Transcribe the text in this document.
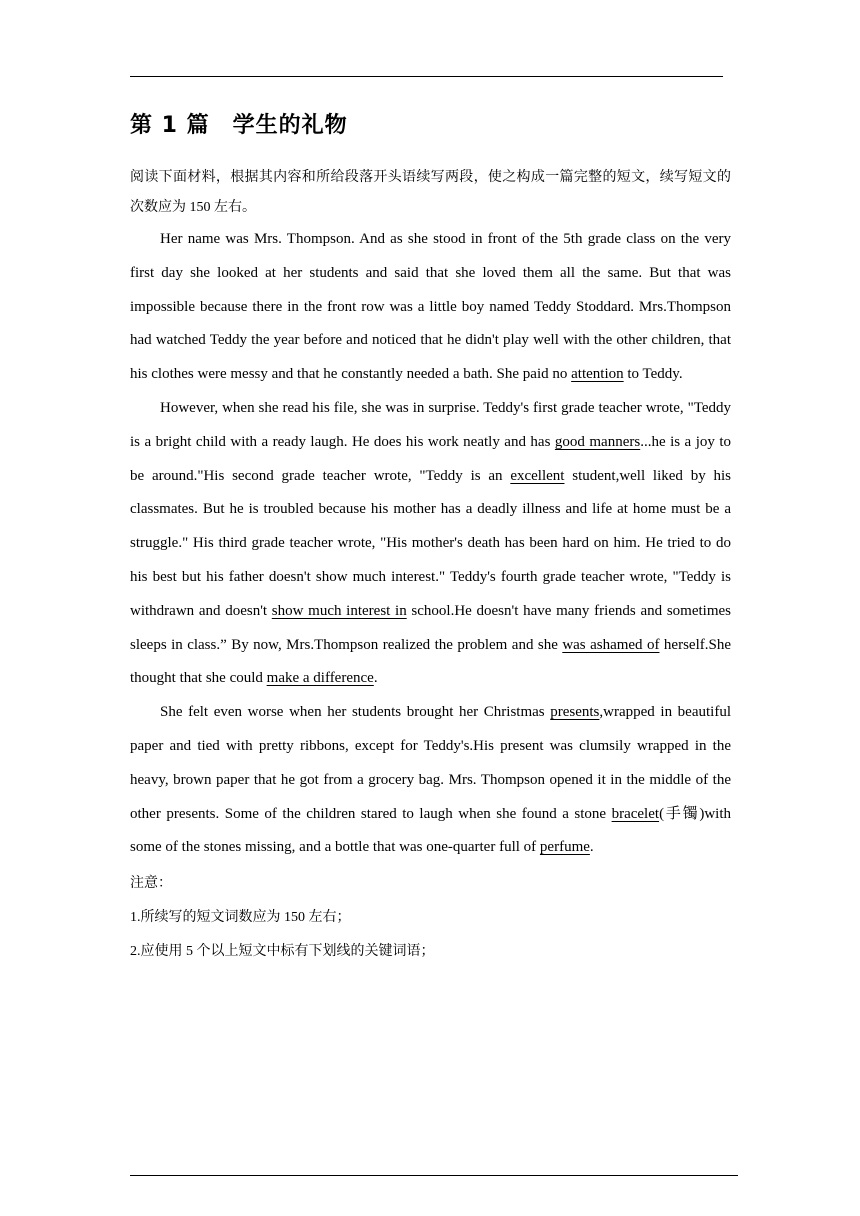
第 1 篇　学生的礼物

阅读下面材料，根据其内容和所给段落开头语续写两段，使之构成一篇完整的短文，续写短文的次数应为 150 左右。

Her name was Mrs. Thompson. And as she stood in front of the 5th grade class on the very first day she looked at her students and said that she loved them all the same. But that was impossible because there in the front row was a little boy named Teddy Stoddard. Mrs.Thompson had watched Teddy the year before and noticed that he didn't play well with the other children, that his clothes were messy and that he constantly needed a bath. She paid no attention to Teddy.

However, when she read his file, she was in surprise. Teddy's first grade teacher wrote, "Teddy is a bright child with a ready laugh. He does his work neatly and has good manners...he is a joy to be around."His second grade teacher wrote, "Teddy is an excellent student,well liked by his classmates. But he is troubled because his mother has a deadly illness and life at home must be a struggle." His third grade teacher wrote, "His mother's death has been hard on him. He tried to do his best but his father doesn't show much interest." Teddy's fourth grade teacher wrote, "Teddy is withdrawn and doesn't show much interest in school.He doesn't have many friends and sometimes sleeps in class.” By now, Mrs.Thompson realized the problem and she was ashamed of herself.She thought that she could make a difference.

She felt even worse when her students brought her Christmas presents,wrapped in beautiful paper and tied with pretty ribbons, except for Teddy's.His present was clumsily wrapped in the heavy, brown paper that he got from a grocery bag. Mrs. Thompson opened it in the middle of the other presents. Some of the children stared to laugh when she found a stone bracelet(手镯)with some of the stones missing, and a bottle that was one-quarter full of perfume.

注意：

1.所续写的短文词数应为 150 左右；

2.应使用 5 个以上短文中标有下划线的关键词语；
